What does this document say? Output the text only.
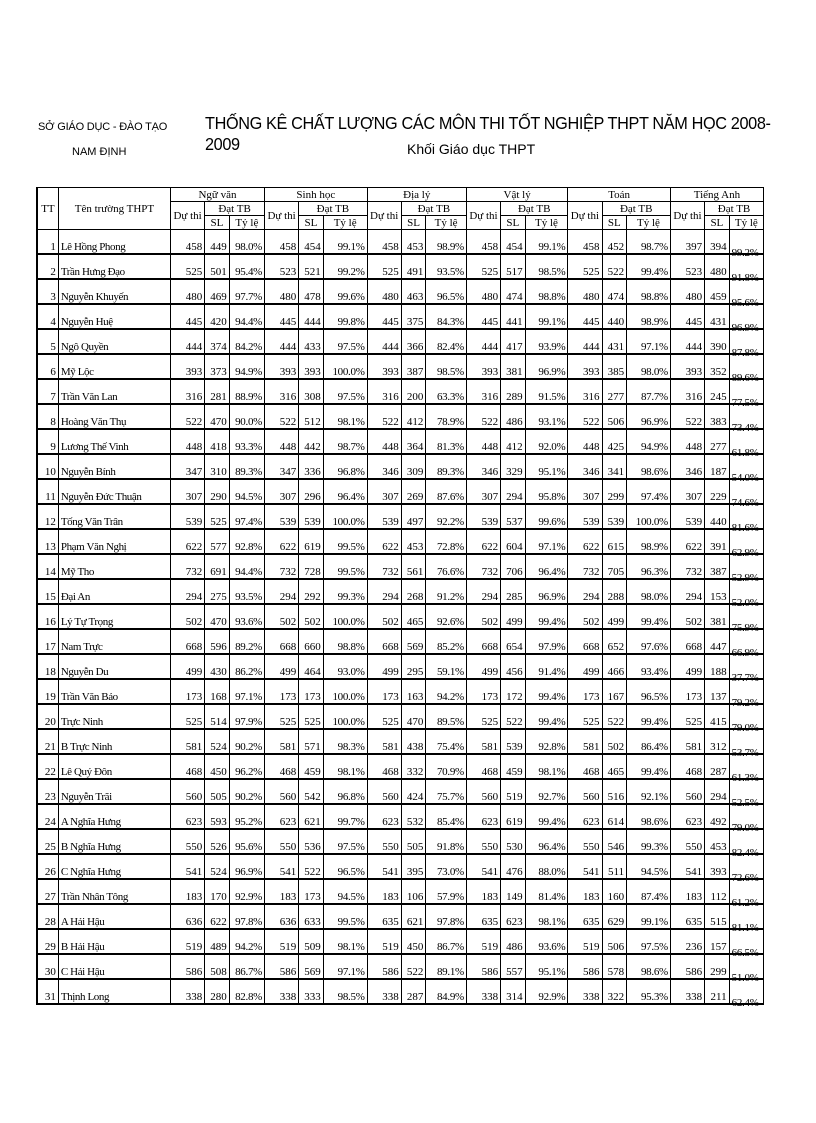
SỞ GIÁO DỤC - ĐÀO TẠO
NAM ĐỊNH
THỐNG KÊ CHẤT LƯỢNG CÁC MÔN THI TỐT NGHIỆP THPT NĂM HỌC 2008-2009	Khối Giáo dục THPT
TT	Tên trường THPT	Ngữ văn			Sinh học			Địa lý			Vật lý			Toán			Tiếng Anh		
		Dự thi	Đạt TB		Dự thi	Đạt TB		Dự thi	Đạt TB		Dự thi	Đạt TB		Dự thi	Đạt TB		Dự thi	Đạt TB	
			SL	Tỷ lệ		SL	Tỷ lệ		SL	Tỷ lệ		SL	Tỷ lệ		SL	Tỷ lệ		SL	Tỷ lệ
1	Lê Hồng Phong	458	449	98.0%	458	454	99.1%	458	453	98.9%	458	454	99.1%	458	452	98.7%	397	394	99.2%
2	Trần Hưng Đạo	525	501	95.4%	523	521	99.2%	525	491	93.5%	525	517	98.5%	525	522	99.4%	523	480	91.8%
3	Nguyễn Khuyến	480	469	97.7%	480	478	99.6%	480	463	96.5%	480	474	98.8%	480	474	98.8%	480	459	95.6%
4	Nguyễn Huệ	445	420	94.4%	445	444	99.8%	445	375	84.3%	445	441	99.1%	445	440	98.9%	445	431	96.9%
5	Ngô Quyền	444	374	84.2%	444	433	97.5%	444	366	82.4%	444	417	93.9%	444	431	97.1%	444	390	87.8%
6	Mỹ Lộc	393	373	94.9%	393	393	100.0%	393	387	98.5%	393	381	96.9%	393	385	98.0%	393	352	89.6%
7	Trần Văn Lan	316	281	88.9%	316	308	97.5%	316	200	63.3%	316	289	91.5%	316	277	87.7%	316	245	77.5%
8	Hoàng Văn Thụ	522	470	90.0%	522	512	98.1%	522	412	78.9%	522	486	93.1%	522	506	96.9%	522	383	73.4%
9	Lương Thế Vinh	448	418	93.3%	448	442	98.7%	448	364	81.3%	448	412	92.0%	448	425	94.9%	448	277	61.8%
10	Nguyễn Bính	347	310	89.3%	347	336	96.8%	346	309	89.3%	346	329	95.1%	346	341	98.6%	346	187	54.0%
11	Nguyễn Đức Thuận	307	290	94.5%	307	296	96.4%	307	269	87.6%	307	294	95.8%	307	299	97.4%	307	229	74.6%
12	Tống Văn Trân	539	525	97.4%	539	539	100.0%	539	497	92.2%	539	537	99.6%	539	539	100.0%	539	440	81.6%
13	Phạm Văn Nghị	622	577	92.8%	622	619	99.5%	622	453	72.8%	622	604	97.1%	622	615	98.9%	622	391	62.9%
14	Mỹ Tho	732	691	94.4%	732	728	99.5%	732	561	76.6%	732	706	96.4%	732	705	96.3%	732	387	52.9%
15	Đại An	294	275	93.5%	294	292	99.3%	294	268	91.2%	294	285	96.9%	294	288	98.0%	294	153	52.0%
16	Lý Tự Trọng	502	470	93.6%	502	502	100.0%	502	465	92.6%	502	499	99.4%	502	499	99.4%	502	381	75.9%
17	Nam Trực	668	596	89.2%	668	660	98.8%	668	569	85.2%	668	654	97.9%	668	652	97.6%	668	447	66.9%
18	Nguyễn Du	499	430	86.2%	499	464	93.0%	499	295	59.1%	499	456	91.4%	499	466	93.4%	499	188	37.7%
19	Trần Văn Bảo	173	168	97.1%	173	173	100.0%	173	163	94.2%	173	172	99.4%	173	167	96.5%	173	137	79.2%
20	Trực Ninh	525	514	97.9%	525	525	100.0%	525	470	89.5%	525	522	99.4%	525	522	99.4%	525	415	79.0%
21	B Trực Ninh	581	524	90.2%	581	571	98.3%	581	438	75.4%	581	539	92.8%	581	502	86.4%	581	312	53.7%
22	Lê Quý Đôn	468	450	96.2%	468	459	98.1%	468	332	70.9%	468	459	98.1%	468	465	99.4%	468	287	61.3%
23	Nguyễn Trãi	560	505	90.2%	560	542	96.8%	560	424	75.7%	560	519	92.7%	560	516	92.1%	560	294	52.5%
24	A Nghĩa Hưng	623	593	95.2%	623	621	99.7%	623	532	85.4%	623	619	99.4%	623	614	98.6%	623	492	79.0%
25	B Nghĩa Hưng	550	526	95.6%	550	536	97.5%	550	505	91.8%	550	530	96.4%	550	546	99.3%	550	453	82.4%
26	C Nghĩa Hưng	541	524	96.9%	541	522	96.5%	541	395	73.0%	541	476	88.0%	541	511	94.5%	541	393	72.6%
27	Trần Nhân Tông	183	170	92.9%	183	173	94.5%	183	106	57.9%	183	149	81.4%	183	160	87.4%	183	112	61.2%
28	A Hải Hậu	636	622	97.8%	636	633	99.5%	635	621	97.8%	635	623	98.1%	635	629	99.1%	635	515	81.1%
29	B Hải Hậu	519	489	94.2%	519	509	98.1%	519	450	86.7%	519	486	93.6%	519	506	97.5%	236	157	66.5%
30	C Hải Hậu	586	508	86.7%	586	569	97.1%	586	522	89.1%	586	557	95.1%	586	578	98.6%	586	299	51.0%
31	Thịnh Long	338	280	82.8%	338	333	98.5%	338	287	84.9%	338	314	92.9%	338	322	95.3%	338	211	62.4%
